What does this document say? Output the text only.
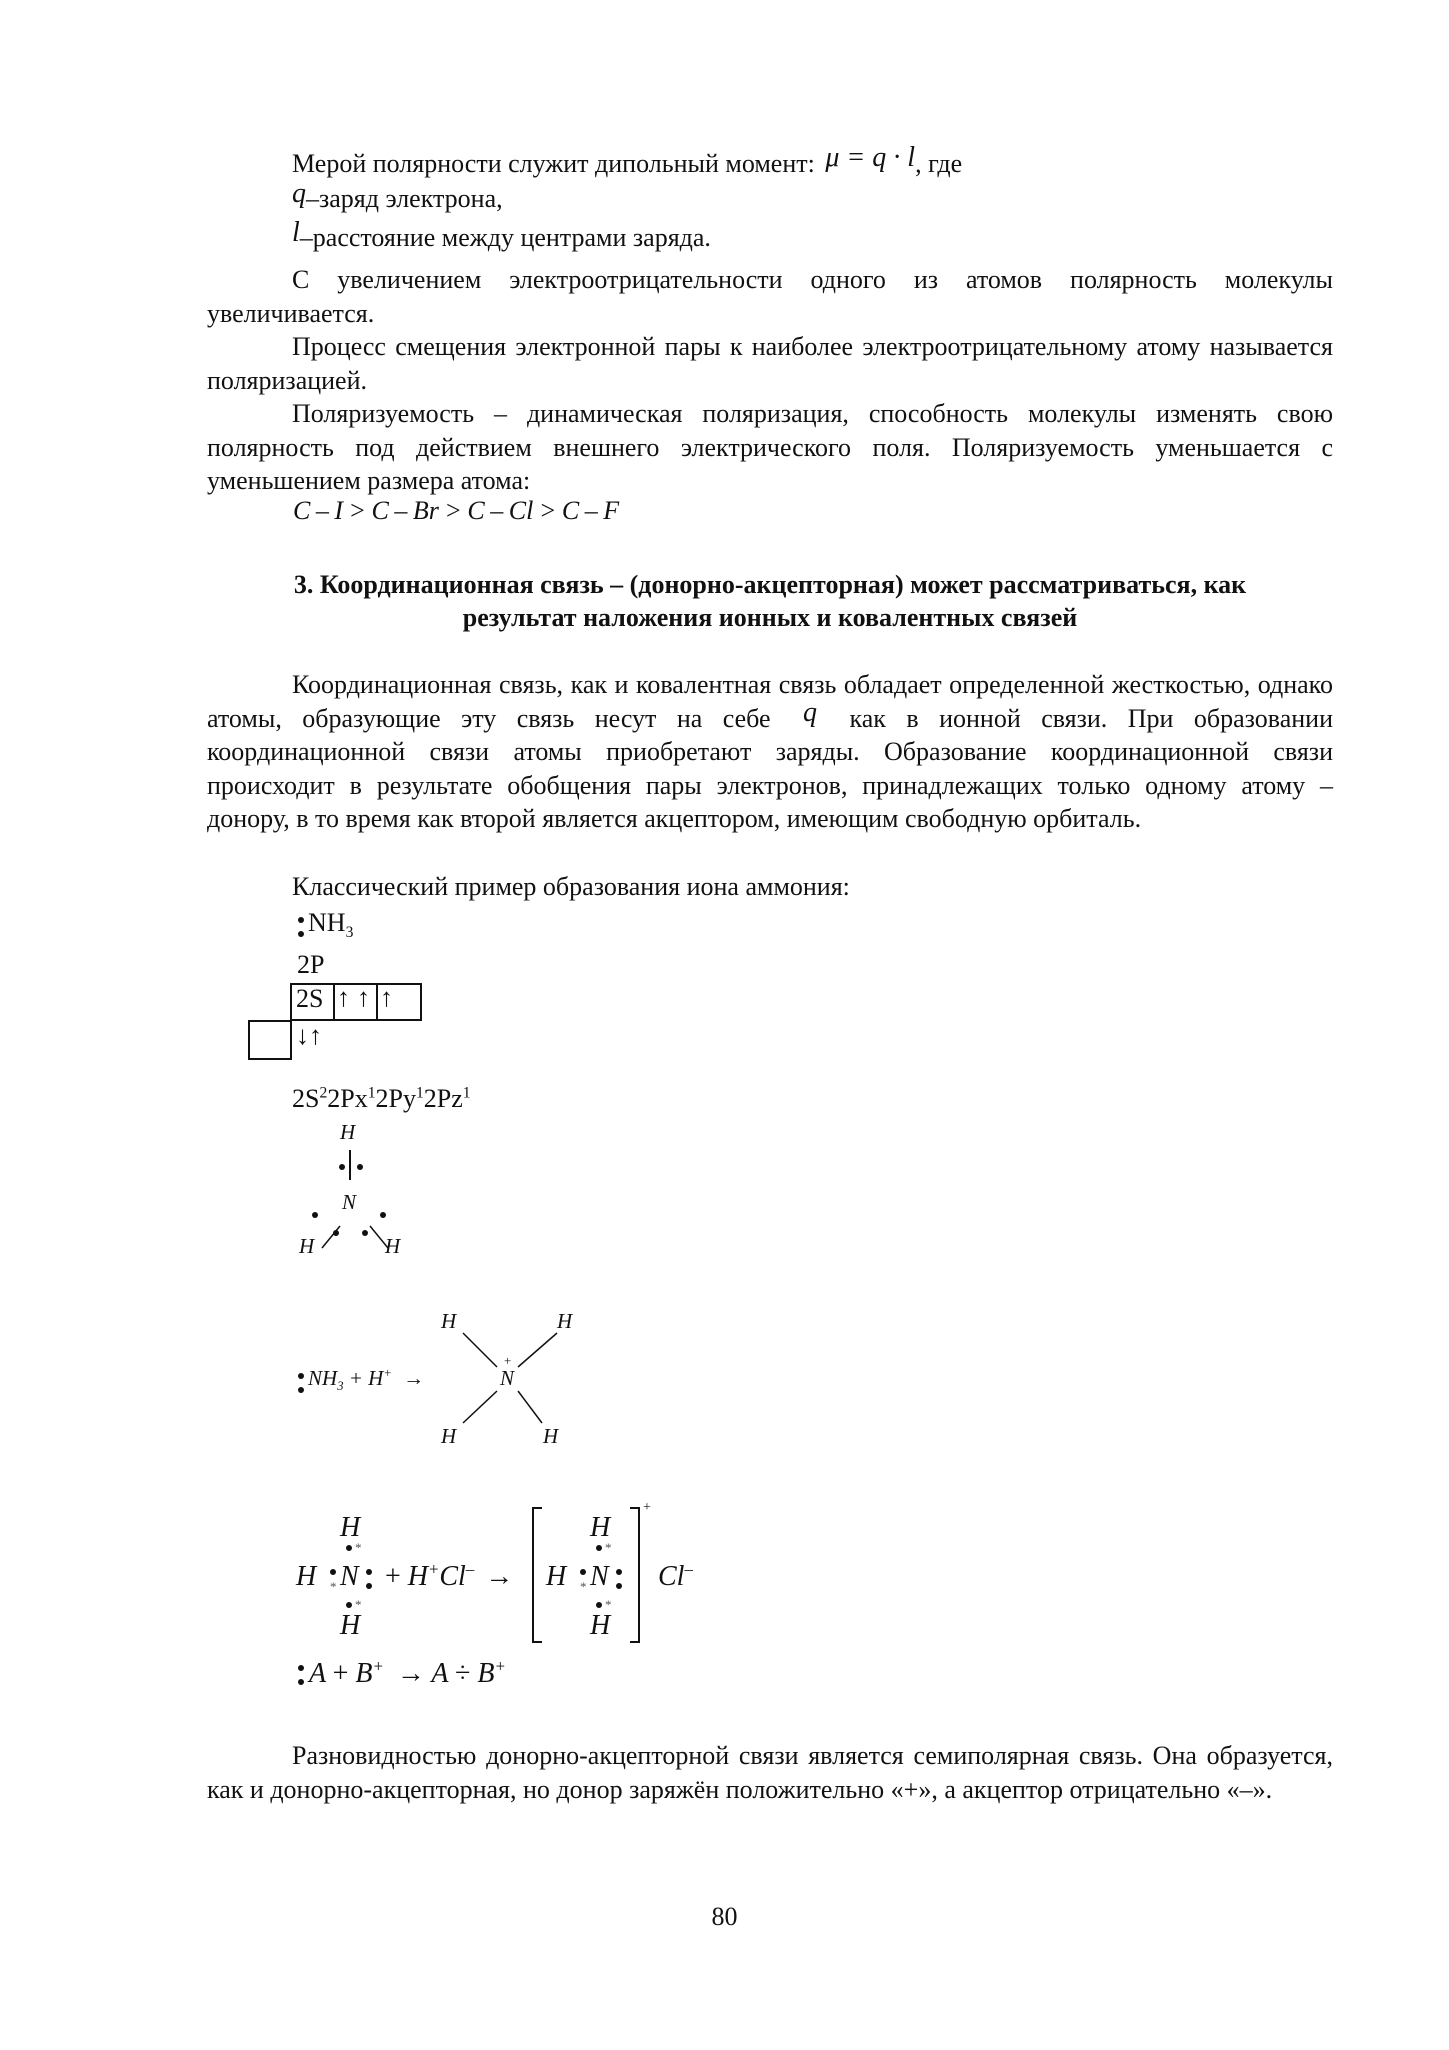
Мерой полярности служит дипольный момент: μ = q · l, где
q–заряд электрона,
l–расстояние между центрами заряда.
С увеличением электроотрицательности одного из атомов полярность молекулы увеличивается.
Процесс смещения электронной пары к наиболее электроотрицательному атому называется поляризацией.
Поляризуемость – динамическая поляризация, способность молекулы изменять свою полярность под действием внешнего электрического поля. Поляризуемость уменьшается с уменьшением размера атома:
C – I > C – Br > C – Cl > C – F
3. Координационная связь – (донорно-акцепторная) может рассматриваться, как
результат наложения ионных и ковалентных связей
Координационная связь, как и ковалентная связь обладает определенной жесткостью, однако атомы, образующие эту связь несут на себе q как в ионной связи. При образовании координационной связи атомы приобретают заряды. Образование координационной связи происходит в результате обобщения пары электронов, принадлежащих только одному атому – донору, в то время как второй является акцептором, имеющим свободную орбиталь.
Классический пример образования иона аммония:
$NH_3$
2P
2S ↑ ↑ ↑
↓↑
$2S^22Px^12Py^12Pz^1$
H
N
H	H
$NH_3 + H^+$ →
H	H
+
N
H	H
H
*
H * N
*
H
+ H+Cl– →
+
H
*
H * N
*
H
Cl–
A + B+ → A ÷ B+
Разновидностью донорно-акцепторной связи является семиполярная связь. Она образуется, как и донорно-акцепторная, но донор заряжён положительно «+», а акцептор отрицательно «–».
80
